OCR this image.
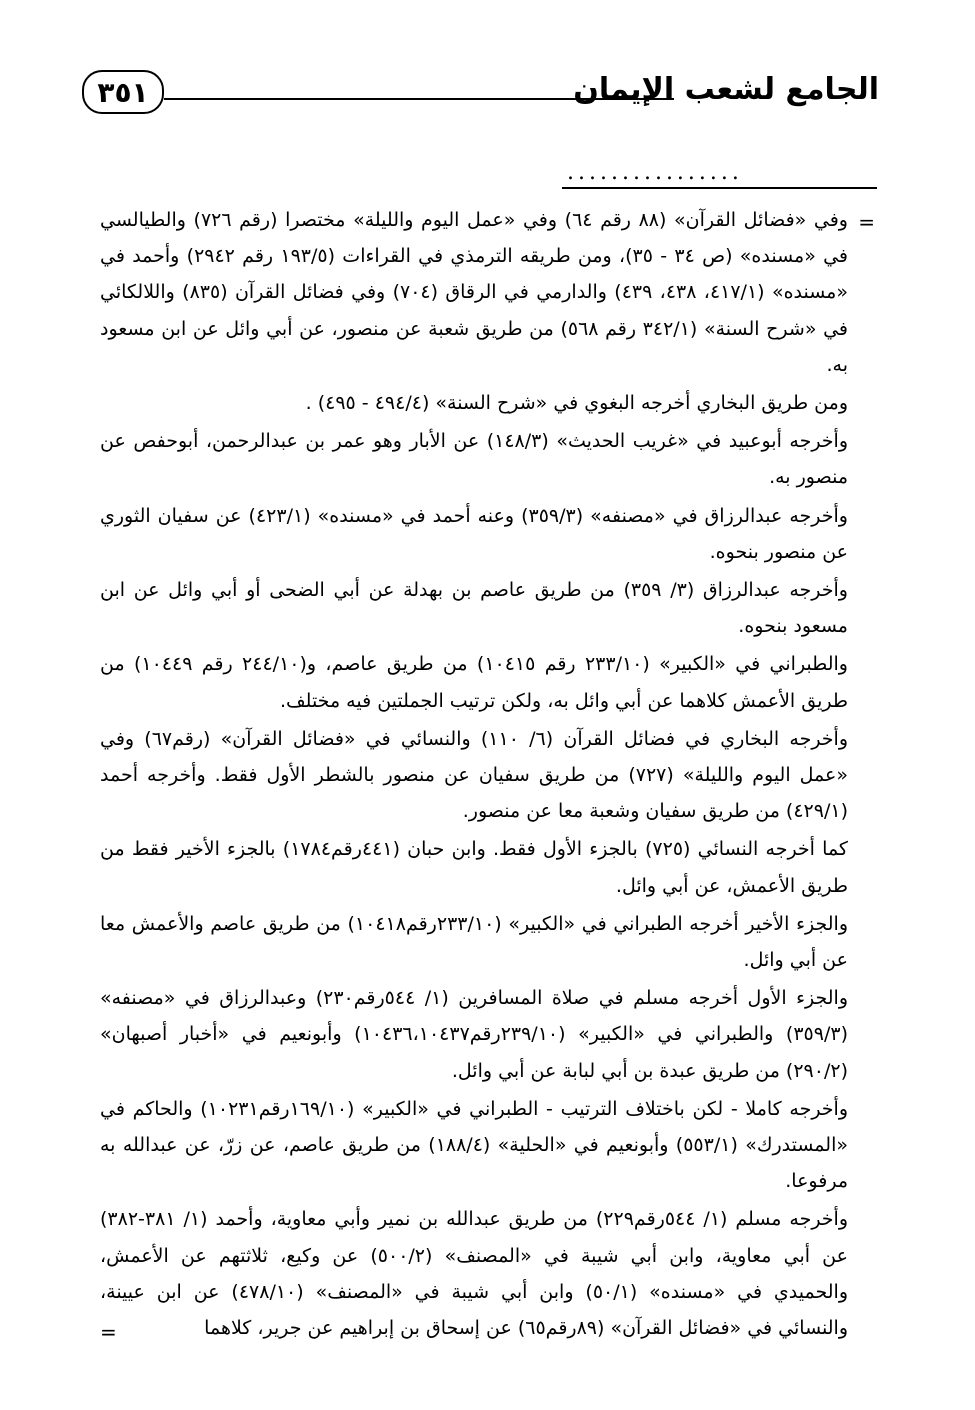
الجامع لشعب الإيمان
٣٥١
................
=

وفي «فضائل القرآن» (٨٨ رقم ٦٤) وفي «عمل اليوم والليلة» مختصرا (رقم ٧٢٦) والطيالسي في «مسنده» (ص ٣٤ - ٣٥)، ومن طريقه الترمذي في القراءات (١٩٣/٥ رقم ٢٩٤٢) وأحمد في «مسنده» (٤١٧/١، ٤٣٨، ٤٣٩) والدارمي في الرقاق (٧٠٤) وفي فضائل القرآن (٨٣٥) واللالكائي في «شرح السنة» (٣٤٢/١ رقم ٥٦٨) من طريق شعبة عن منصور، عن أبي وائل عن ابن مسعود به.

ومن طريق البخاري أخرجه البغوي في «شرح السنة» (٤٩٤/٤ - ٤٩٥) .

وأخرجه أبوعبيد في «غريب الحديث» (١٤٨/٣) عن الأبار وهو عمر بن عبدالرحمن، أبوحفص عن منصور به.

وأخرجه عبدالرزاق في «مصنفه» (٣٥٩/٣) وعنه أحمد في «مسنده» (٤٢٣/١) عن سفيان الثوري عن منصور بنحوه.

وأخرجه عبدالرزاق (٣/ ٣٥٩) من طريق عاصم بن بهدلة عن أبي الضحى أو أبي وائل عن ابن مسعود بنحوه.

والطبراني في «الكبير» (٢٣٣/١٠ رقم ١٠٤١٥) من طريق عاصم، و(٢٤٤/١٠ رقم ١٠٤٤٩) من طريق الأعمش كلاهما عن أبي وائل به، ولكن ترتيب الجملتين فيه مختلف.

وأخرجه البخاري في فضائل القرآن (٦/ ١١٠) والنسائي في «فضائل القرآن» (رقم٦٧) وفي «عمل اليوم والليلة» (٧٢٧) من طريق سفيان عن منصور بالشطر الأول فقط. وأخرجه أحمد (٤٢٩/١) من طريق سفيان وشعبة معا عن منصور.

كما أخرجه النسائي (٧٢٥) بالجزء الأول فقط. وابن حبان (٤٤١رقم١٧٨٤) بالجزء الأخير فقط من طريق الأعمش، عن أبي وائل.

والجزء الأخير أخرجه الطبراني في «الكبير» (٢٣٣/١٠رقم١٠٤١٨) من طريق عاصم والأعمش معا عن أبي وائل.

والجزء الأول أخرجه مسلم في صلاة المسافرين (١/ ٥٤٤رقم٢٣٠) وعبدالرزاق في «مصنفه» (٣٥٩/٣) والطبراني في «الكبير» (٢٣٩/١٠رقم١٠٤٣٦،١٠٤٣٧) وأبونعيم في «أخبار أصبهان» (٢٩٠/٢) من طريق عبدة بن أبي لبابة عن أبي وائل.

وأخرجه كاملا - لكن باختلاف الترتيب - الطبراني في «الكبير» (١٦٩/١٠رقم١٠٢٣١) والحاكم في «المستدرك» (٥٥٣/١) وأبونعيم في «الحلية» (١٨٨/٤) من طريق عاصم، عن زرّ، عن عبدالله به مرفوعا.

وأخرجه مسلم (١/ ٥٤٤رقم٢٢٩) من طريق عبدالله بن نمير وأبي معاوية، وأحمد (١/ ٣٨١-٣٨٢) عن أبي معاوية، وابن أبي شيبة في «المصنف» (٥٠٠/٢) عن وكيع، ثلاثتهم عن الأعمش، والحميدي في «مسنده» (٥٠/١) وابن أبي شيبة في «المصنف» (٤٧٨/١٠) عن ابن عيينة، والنسائي في «فضائل القرآن» (٨٩رقم٦٥) عن إسحاق بن إبراهيم عن جرير، كلاهما

=
